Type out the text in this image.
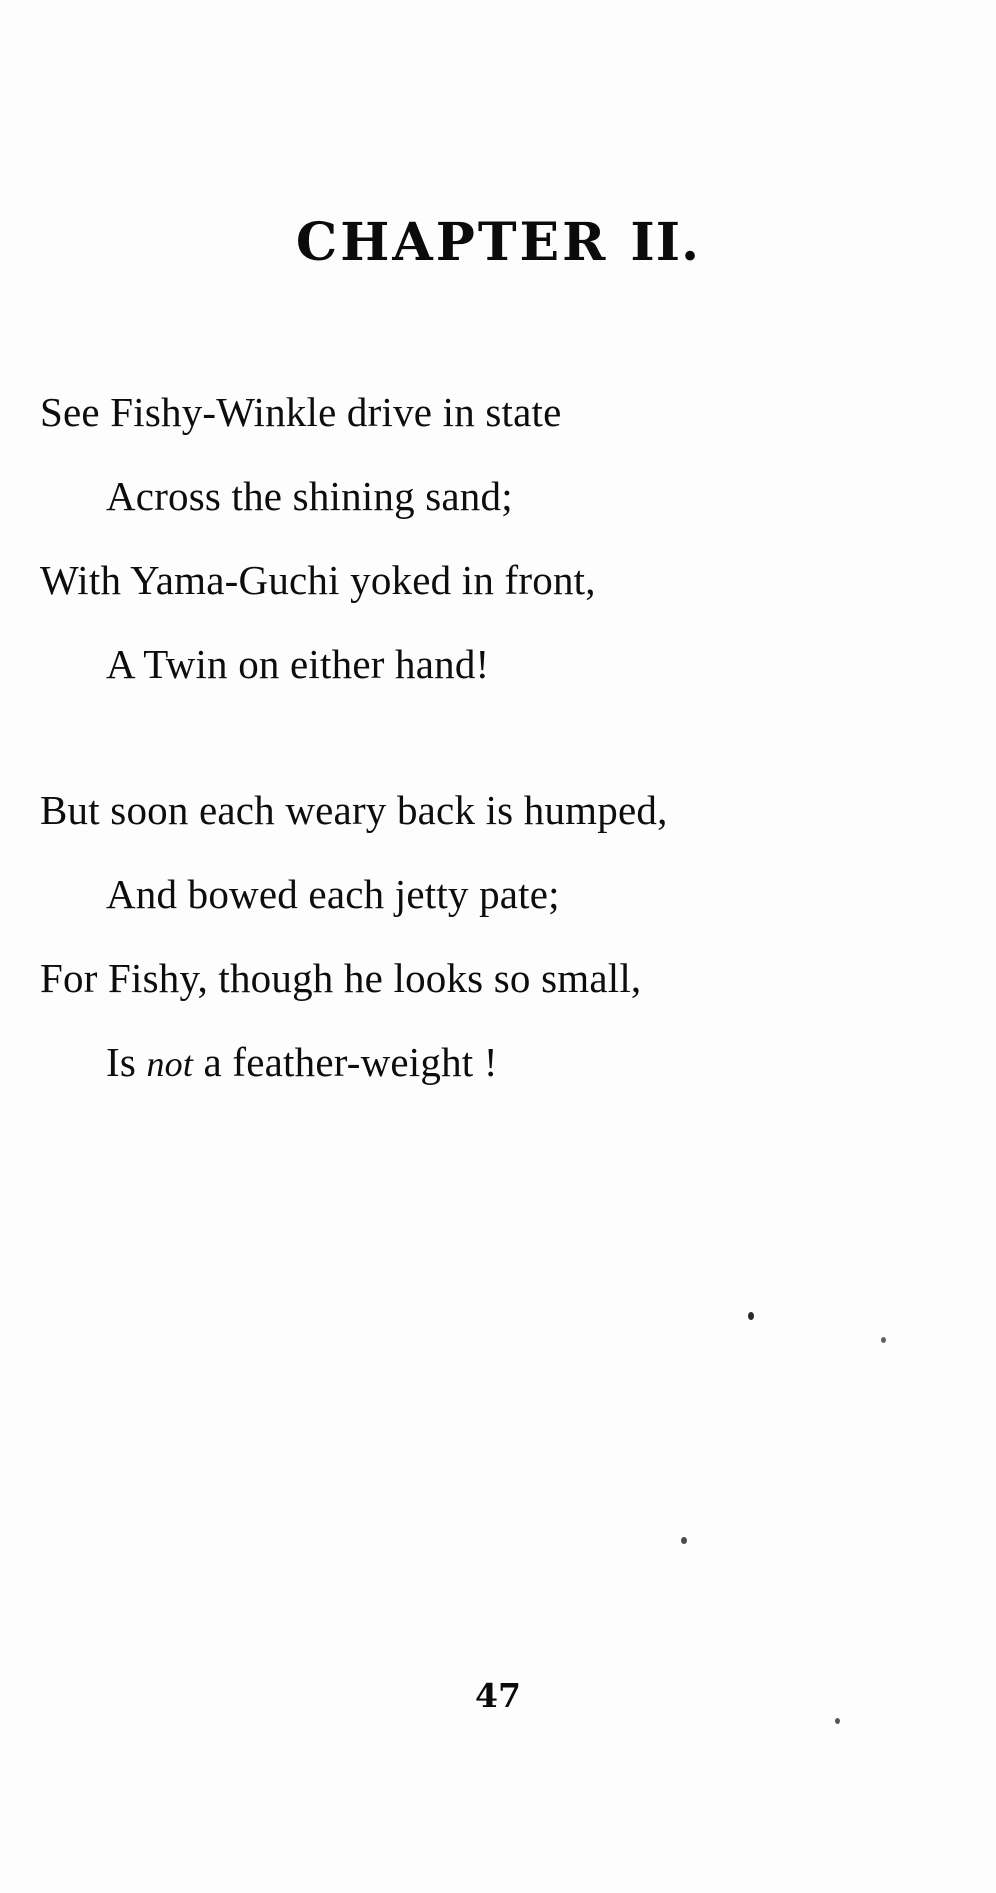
CHAPTER II.
See Fishy-Winkle drive in state
Across the shining sand;
With Yama-Guchi yoked in front,
A Twin on either hand!
But soon each weary back is humped,
And bowed each jetty pate;
For Fishy, though he looks so small,
Is not a feather-weight !
47
